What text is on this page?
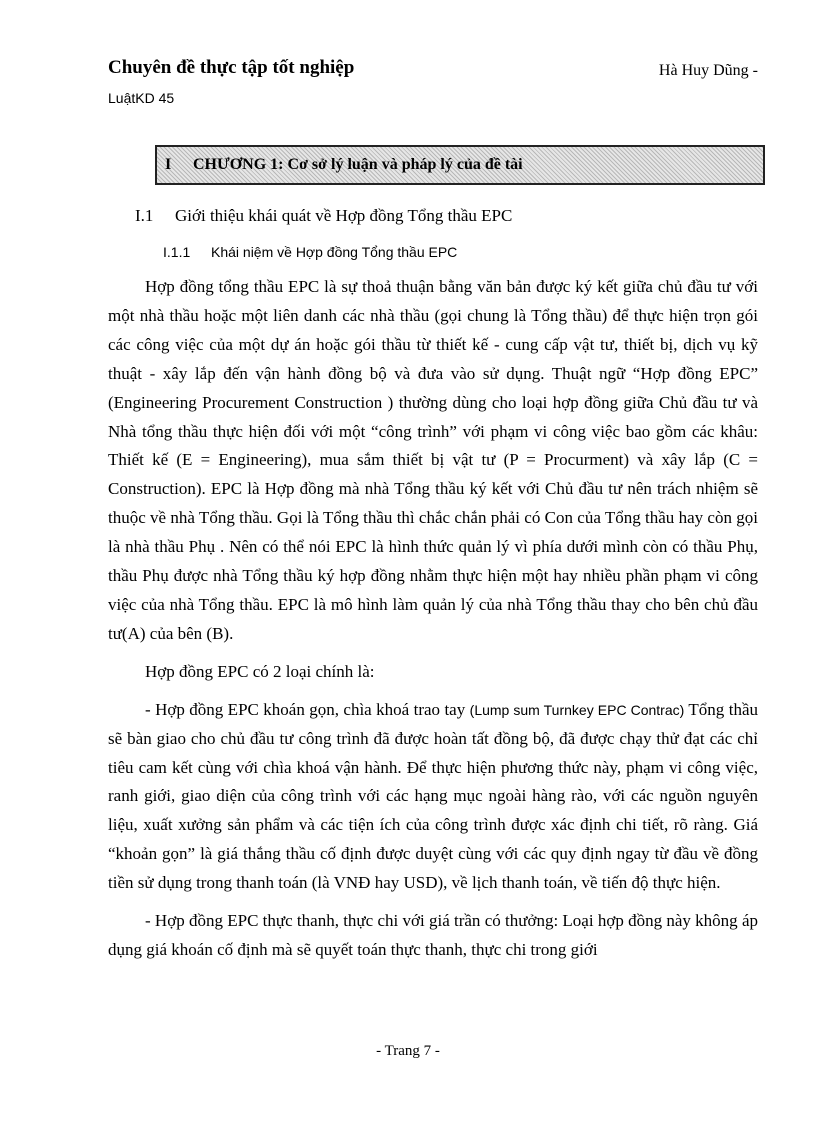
Chuyên đề thực tập tốt nghiệp	Hà Huy Dũng -
LuậtKD 45
I	CHƯƠNG 1: Cơ sở lý luận và pháp lý của đề tài
I.1 Giới thiệu khái quát về Hợp đồng Tổng thầu EPC
I.1.1 Khái niệm về Hợp đồng Tổng thầu EPC

Hợp đồng tổng thầu EPC là sự thoả thuận bằng văn bản được ký kết giữa chủ đầu tư với một nhà thầu hoặc một liên danh các nhà thầu (gọi chung là Tổng thầu) để thực hiện trọn gói các công việc của một dự án hoặc gói thầu từ thiết kế - cung cấp vật tư, thiết bị, dịch vụ kỹ thuật - xây lắp đến vận hành đồng bộ và đưa vào sử dụng. Thuật ngữ “Hợp đồng EPC” (Engineering Procurement Construction ) thường dùng cho loại hợp đồng giữa Chủ đầu tư và Nhà tổng thầu thực hiện đối với một “công trình” với phạm vi công việc bao gồm các khâu: Thiết kế (E = Engineering), mua sắm thiết bị vật tư (P = Procurment) và xây lắp (C = Construction). EPC là Hợp đồng mà nhà Tổng thầu ký kết với Chủ đầu tư nên trách nhiệm sẽ thuộc về nhà Tổng thầu. Gọi là Tổng thầu thì chắc chắn phải có Con của Tổng thầu hay còn gọi là nhà thầu Phụ . Nên có thể nói EPC là hình thức quản lý vì phía dưới mình còn có thầu Phụ, thầu Phụ được nhà Tổng thầu ký hợp đồng nhằm thực hiện một hay nhiều phần phạm vi công việc của nhà Tổng thầu. EPC là mô hình làm quản lý của nhà Tổng thầu thay cho bên chủ đầu tư(A) của bên (B).

Hợp đồng EPC có 2 loại chính là:

- Hợp đồng EPC khoán gọn, chìa khoá trao tay (Lump sum Turnkey EPC Contrac) Tổng thầu sẽ bàn giao cho chủ đầu tư công trình đã được hoàn tất đồng bộ, đã được chạy thử đạt các chỉ tiêu cam kết cùng với chìa khoá vận hành. Để thực hiện phương thức này, phạm vi công việc, ranh giới, giao diện của công trình với các hạng mục ngoài hàng rào, với các nguồn nguyên liệu, xuất xưởng sản phẩm và các tiện ích của công trình được xác định chi tiết, rõ ràng. Giá “khoản gọn” là giá thắng thầu cố định được duyệt cùng với các quy định ngay từ đầu về đồng tiền sử dụng trong thanh toán (là VNĐ hay USD), về lịch thanh toán, về tiến độ thực hiện.

- Hợp đồng EPC thực thanh, thực chi với giá trần có thưởng: Loại hợp đồng này không áp dụng giá khoán cố định mà sẽ quyết toán thực thanh, thực chi trong giới

- Trang 7 -
